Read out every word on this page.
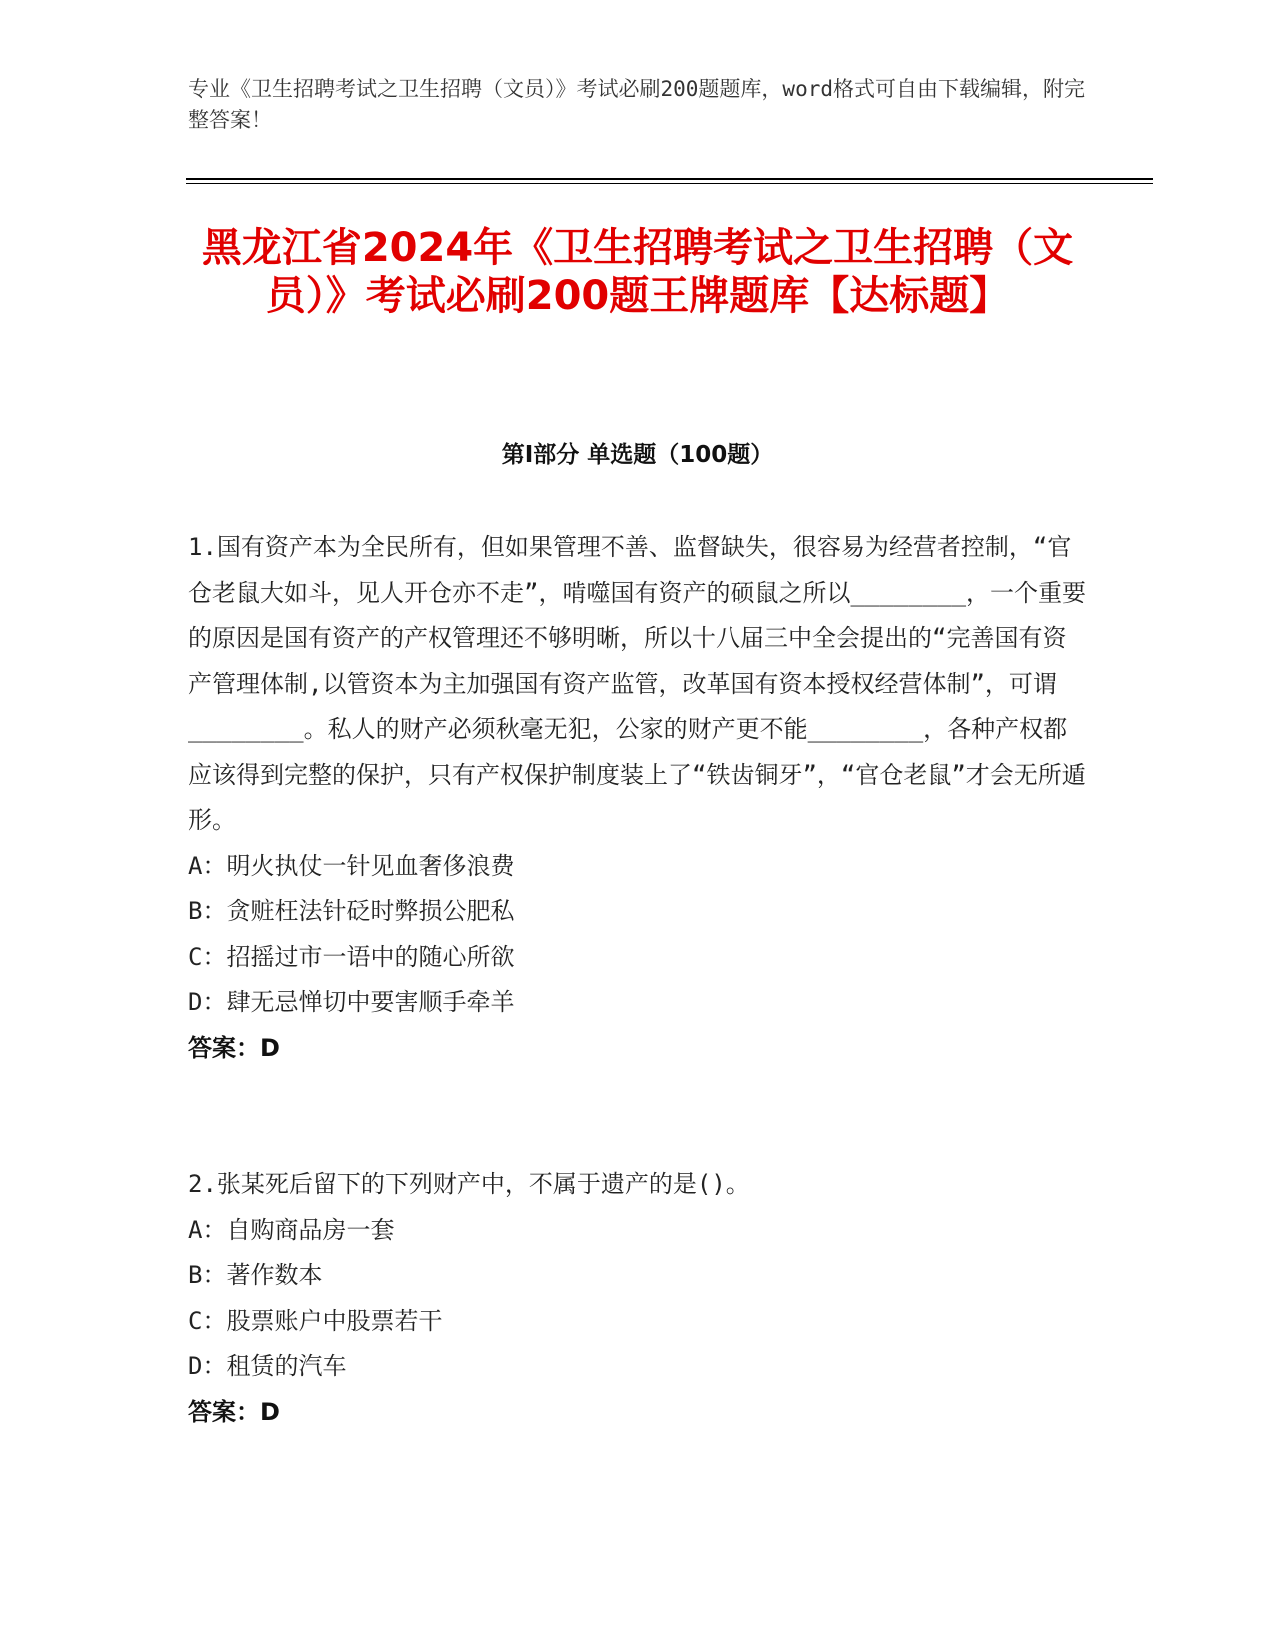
专业《卫生招聘考试之卫生招聘（文员）》考试必刷200题题库，word格式可自由下载编辑，附完整答案！
黑龙江省2024年《卫生招聘考试之卫生招聘（文员）》考试必刷200题王牌题库【达标题】
第I部分 单选题（100题）

1.国有资产本为全民所有，但如果管理不善、监督缺失，很容易为经营者控制，“官仓老鼠大如斗，见人开仓亦不走”，啃噬国有资产的硕鼠之所以________，一个重要的原因是国有资产的产权管理还不够明晰，所以十八届三中全会提出的“完善国有资产管理体制,以管资本为主加强国有资产监管，改革国有资本授权经营体制”，可谓________。私人的财产必须秋毫无犯，公家的财产更不能________，各种产权都应该得到完整的保护，只有产权保护制度装上了“铁齿铜牙”，“官仓老鼠”才会无所遁形。

A：明火执仗一针见血奢侈浪费

B：贪赃枉法针砭时弊损公肥私

C：招摇过市一语中的随心所欲

D：肆无忌惮切中要害顺手牵羊

答案：D

2.张某死后留下的下列财产中，不属于遗产的是()。

A：自购商品房一套

B：著作数本

C：股票账户中股票若干

D：租赁的汽车

答案：D
